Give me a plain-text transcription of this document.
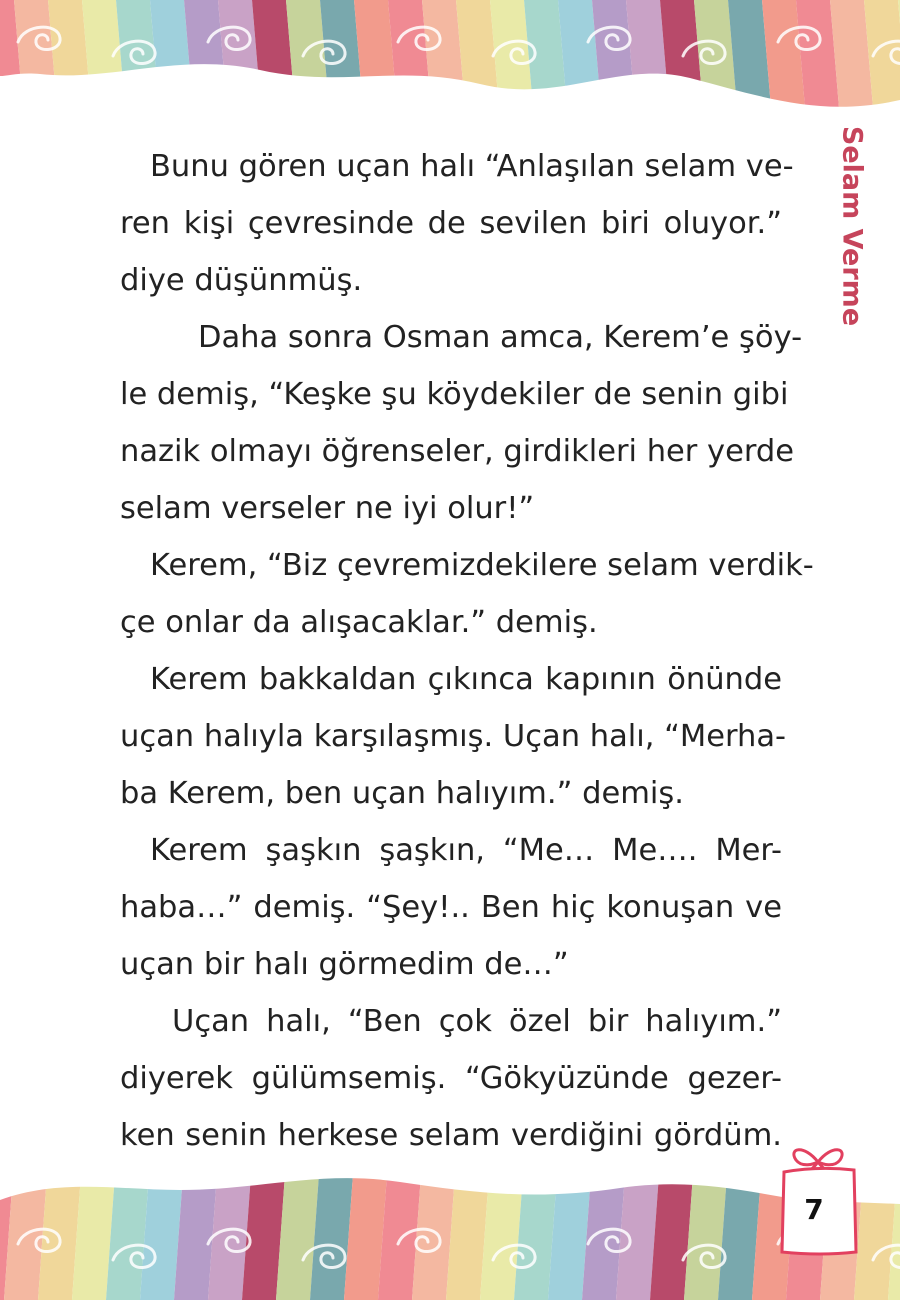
Selam Verme

Bunu gören uçan halı “Anlaşılan selam ve-
ren kişi çevresinde de sevilen biri oluyor.”
diye düşünmüş.

Daha sonra Osman amca, Kerem’e şöy-
le demiş, “Keşke şu köydekiler de senin gibi
nazik olmayı öğrenseler, girdikleri her yerde
selam verseler ne iyi olur!”

Kerem, “Biz çevremizdekilere selam verdik-
çe onlar da alışacaklar.” demiş.

Kerem bakkaldan çıkınca kapının önünde
uçan halıyla karşılaşmış. Uçan halı, “Merha-
ba Kerem, ben uçan halıyım.” demiş.

Kerem şaşkın şaşkın, “Me… Me…. Mer-
haba…” demiş. “Şey!.. Ben hiç konuşan ve
uçan bir halı görmedim de…”

Uçan halı, “Ben çok özel bir halıyım.”
diyerek gülümsemiş. “Gökyüzünde gezer-
ken senin herkese selam verdiğini gördüm.

7
